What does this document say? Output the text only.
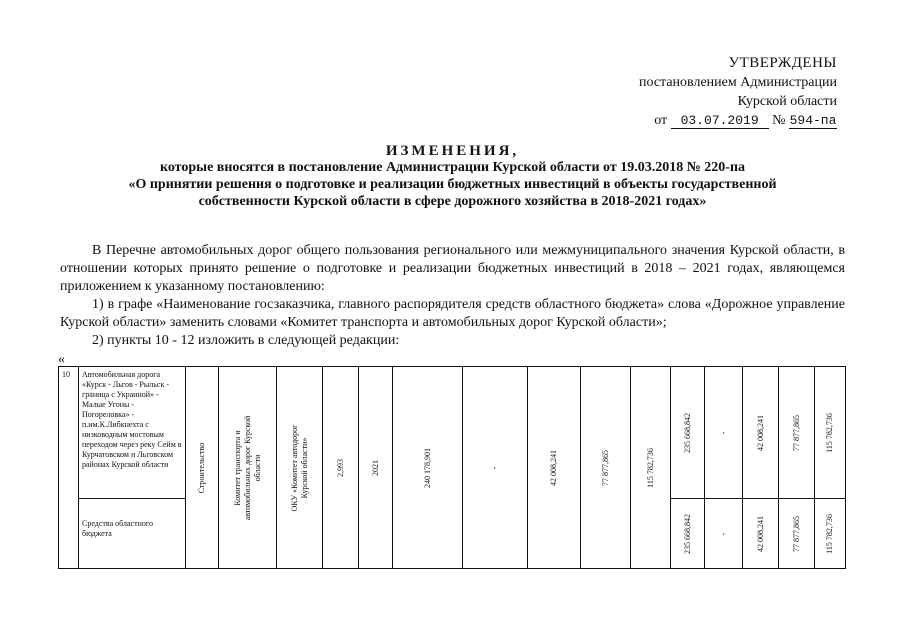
УТВЕРЖДЕНЫ
постановлением Администрации
Курской области
от 03.07.2019 № 594-па
ИЗМЕНЕНИЯ,
которые вносятся в постановление Администрации Курской области от 19.03.2018 № 220-па
«О принятии решения о подготовке и реализации бюджетных инвестиций в объекты государственной
собственности Курской области в сфере дорожного хозяйства в 2018-2021 годах»
В Перечне автомобильных дорог общего пользования регионального или межмуниципального значения Курской области, в отношении которых принято решение о подготовке и реализации бюджетных инвестиций в 2018 – 2021 годах, являющемся приложением к указанному постановлению:
1) в графе «Наименование госзаказчика, главного распорядителя средств областного бюджета» слова «Дорожное управление Курской области» заменить словами «Комитет транспорта и автомобильных дорог Курской области»;
2) пункты 10 - 12 изложить в следующей редакции:
«
10	Автомобильная дорога «Курск - Льгов - Рыльск - граница с Украиной» - Малые Угоны - Погореловка» - п.им.К.Либкнехта с низководным мостовым переходом через реку Сейм в Курчатовском и Льговском районах Курской области	Строительство	Комитет транспорта и автомобильных дорог Курской области	ОКУ «Комитет автодорог Курской области»	2,993	2021	240 178,901	-	42 008,241	77 877,865	115 782,736	235 668,842	-	42 008,241	77 877,865	115 782,736

	Средства областного бюджета											235 668,842	-	42 008,241	77 877,865	115 782,736
